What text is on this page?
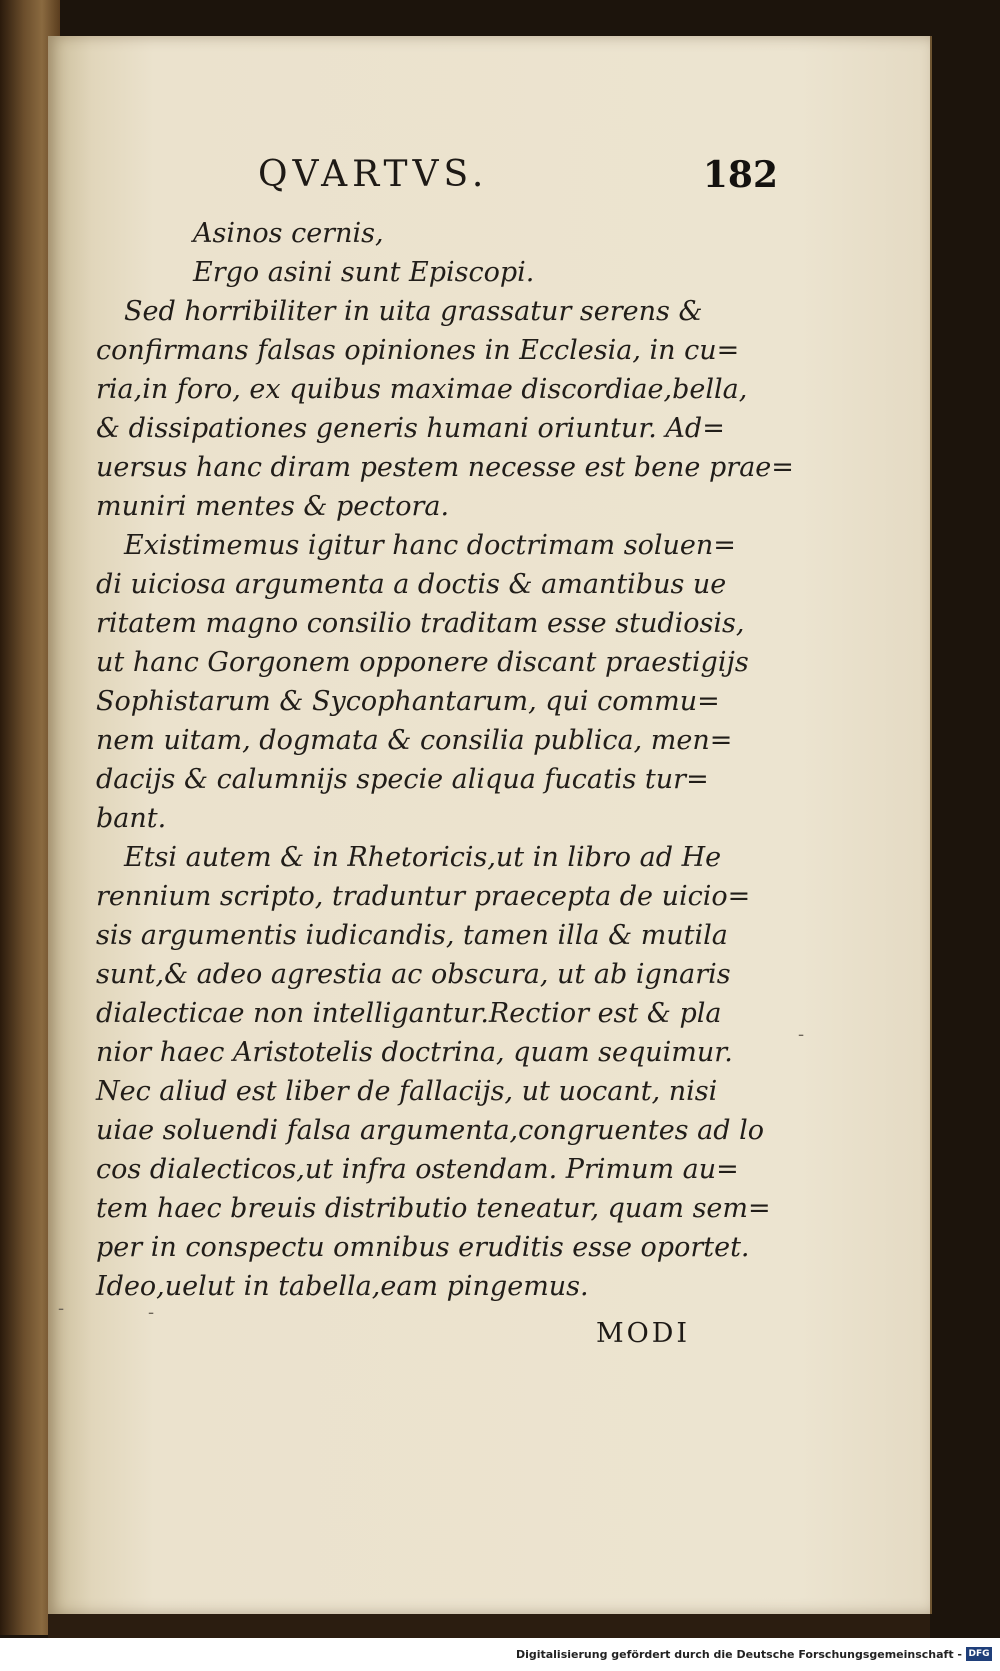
QVARTVS.	182
Asinos cernis,
Ergo asini sunt Episcopi.
Sed horribiliter in uita grassatur serens &
confirmans falsas opiniones in Ecclesia, in cu=
ria,in foro, ex quibus maximae discordiae,bella,
& dissipationes generis humani oriuntur. Ad=
uersus hanc diram pestem necesse est bene prae=
muniri mentes & pectora.
Existimemus igitur hanc doctrimam soluen=
di uiciosa argumenta a doctis & amantibus ue
ritatem magno consilio traditam esse studiosis,
ut hanc Gorgonem opponere discant praestigijs
Sophistarum & Sycophantarum, qui commu=
nem uitam, dogmata & consilia publica, men=
dacijs & calumnijs specie aliqua fucatis tur=
bant.
Etsi autem & in Rhetoricis,ut in libro ad He
rennium scripto, traduntur praecepta de uicio=
sis argumentis iudicandis, tamen illa & mutila
sunt,& adeo agrestia ac obscura, ut ab ignaris
dialecticae non intelligantur.Rectior est & pla
nior haec Aristotelis doctrina, quam sequimur.
Nec aliud est liber de fallacijs, ut uocant, nisi
uiae soluendi falsa argumenta,congruentes ad lo
cos dialecticos,ut infra ostendam. Primum au=
tem haec breuis distributio teneatur, quam sem=
per in conspectu omnibus eruditis esse oportet.
Ideo,uelut in tabella,eam pingemus.
MODI
-	-
-
Digitalisierung gefördert durch die Deutsche Forschungsgemeinschaft - DFG
